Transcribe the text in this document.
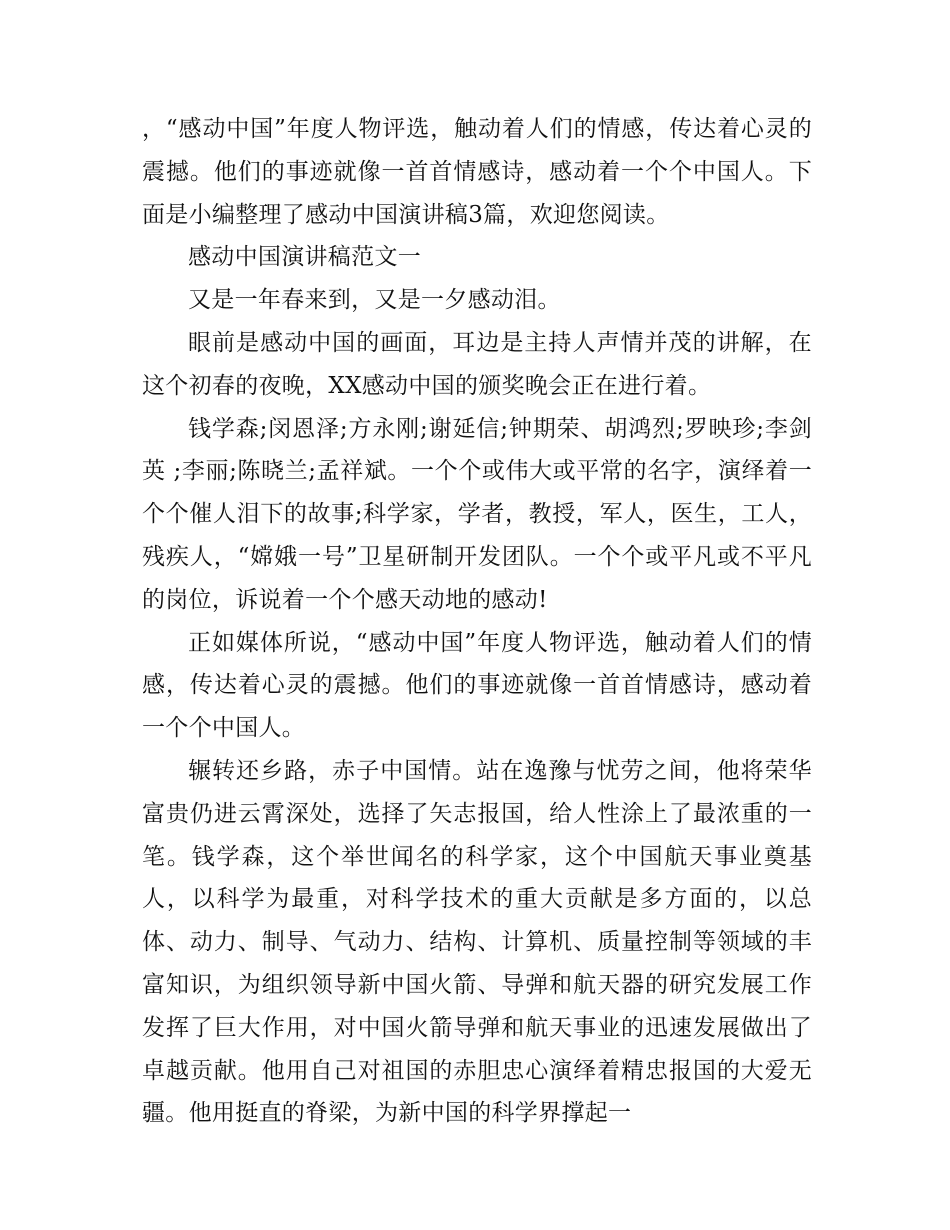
，“感动中国”年度人物评选，触动着人们的情感，传达着心灵的震撼。他们的事迹就像一首首情感诗，感动着一个个中国人。下面是小编整理了感动中国演讲稿3篇，欢迎您阅读。

感动中国演讲稿范文一

又是一年春来到，又是一夕感动泪。

眼前是感动中国的画面，耳边是主持人声情并茂的讲解，在这个初春的夜晚，XX感动中国的颁奖晚会正在进行着。

钱学森;闵恩泽;方永刚;谢延信;钟期荣、胡鸿烈;罗映珍;李剑英 ;李丽;陈晓兰;孟祥斌。一个个或伟大或平常的名字，演绎着一个个催人泪下的故事;科学家，学者，教授，军人，医生，工人，残疾人，“嫦娥一号”卫星研制开发团队。一个个或平凡或不平凡的岗位，诉说着一个个感天动地的感动!

正如媒体所说，“感动中国”年度人物评选，触动着人们的情感，传达着心灵的震撼。他们的事迹就像一首首情感诗，感动着一个个中国人。

辗转还乡路，赤子中国情。站在逸豫与忧劳之间，他将荣华富贵仍进云霄深处，选择了矢志报国，给人性涂上了最浓重的一笔。钱学森，这个举世闻名的科学家，这个中国航天事业奠基人，以科学为最重，对科学技术的重大贡献是多方面的，以总体、动力、制导、气动力、结构、计算机、质量控制等领域的丰富知识，为组织领导新中国火箭、导弹和航天器的研究发展工作发挥了巨大作用，对中国火箭导弹和航天事业的迅速发展做出了卓越贡献。他用自己对祖国的赤胆忠心演绎着精忠报国的大爱无疆。他用挺直的脊梁，为新中国的科学界撑起一
